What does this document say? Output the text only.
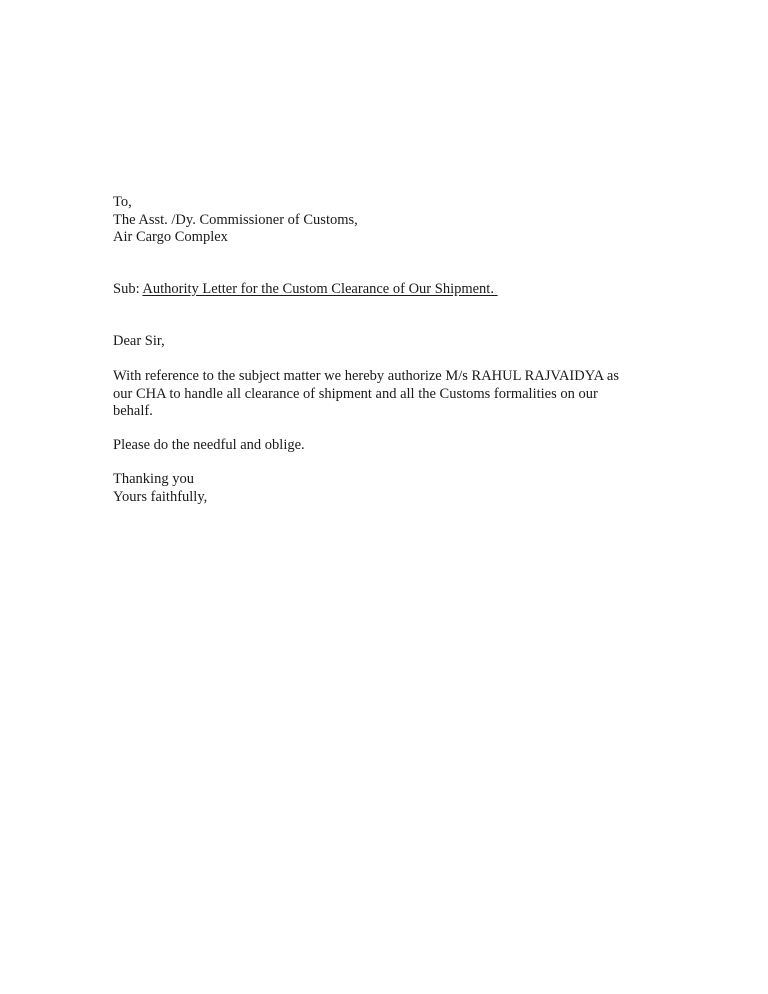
To,

The Asst. /Dy. Commissioner of Customs,

Air Cargo Complex

Sub: Authority Letter for the Custom Clearance of Our Shipment.

Dear Sir,

With reference to the subject matter we hereby authorize M/s RAHUL RAJVAIDYA as

our CHA to handle all clearance of shipment and all the Customs formalities on our

behalf.

Please do the needful and oblige.

Thanking you

Yours faithfully,
